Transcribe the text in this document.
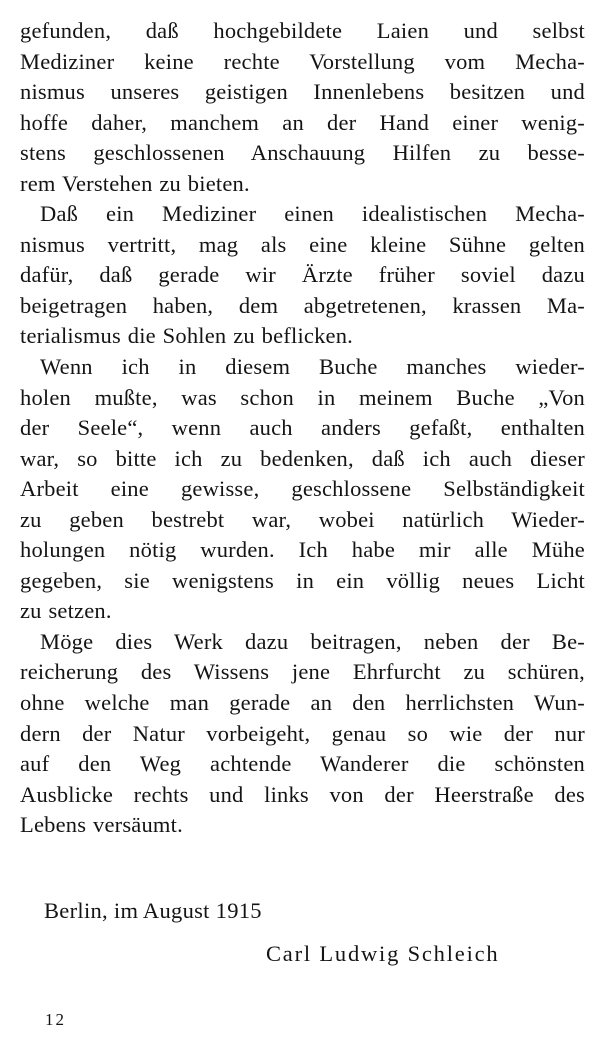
gefunden, daß hochgebildete Laien und selbst
Mediziner keine rechte Vorstellung vom Mecha-
nismus unseres geistigen Innenlebens besitzen und
hoffe daher, manchem an der Hand einer wenig-
stens geschlossenen Anschauung Hilfen zu besse-
rem Verstehen zu bieten.
Daß ein Mediziner einen idealistischen Mecha-
nismus vertritt, mag als eine kleine Sühne gelten
dafür, daß gerade wir Ärzte früher soviel dazu
beigetragen haben, dem abgetretenen, krassen Ma-
terialismus die Sohlen zu beflicken.
Wenn ich in diesem Buche manches wieder-
holen mußte, was schon in meinem Buche „Von
der Seele“, wenn auch anders gefaßt, enthalten
war, so bitte ich zu bedenken, daß ich auch dieser
Arbeit eine gewisse, geschlossene Selbständigkeit
zu geben bestrebt war, wobei natürlich Wieder-
holungen nötig wurden. Ich habe mir alle Mühe
gegeben, sie wenigstens in ein völlig neues Licht
zu setzen.
Möge dies Werk dazu beitragen, neben der Be-
reicherung des Wissens jene Ehrfurcht zu schüren,
ohne welche man gerade an den herrlichsten Wun-
dern der Natur vorbeigeht, genau so wie der nur
auf den Weg achtende Wanderer die schönsten
Ausblicke rechts und links von der Heerstraße des
Lebens versäumt.
Berlin, im August 1915
Carl Ludwig Schleich
12
